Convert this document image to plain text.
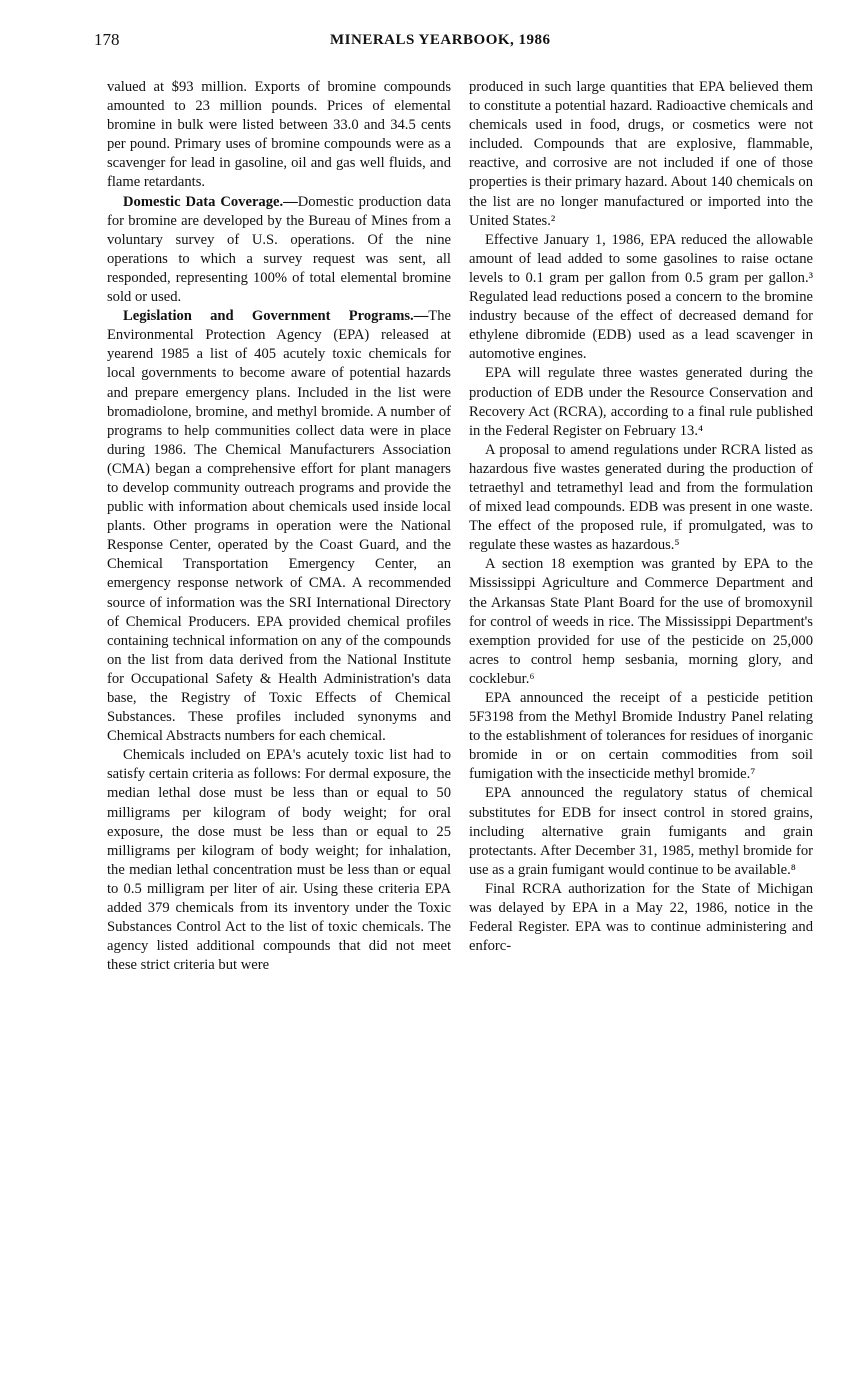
178	MINERALS YEARBOOK, 1986

valued at $93 million. Exports of bromine compounds amounted to 23 million pounds. Prices of elemental bromine in bulk were listed between 33.0 and 34.5 cents per pound. Primary uses of bromine compounds were as a scavenger for lead in gasoline, oil and gas well fluids, and flame retardants.

Domestic Data Coverage.—Domestic production data for bromine are developed by the Bureau of Mines from a voluntary survey of U.S. operations. Of the nine operations to which a survey request was sent, all responded, representing 100% of total elemental bromine sold or used.

Legislation and Government Programs.—The Environmental Protection Agency (EPA) released at yearend 1985 a list of 405 acutely toxic chemicals for local governments to become aware of potential hazards and prepare emergency plans. Included in the list were bromadiolone, bromine, and methyl bromide. A number of programs to help communities collect data were in place during 1986. The Chemical Manufacturers Association (CMA) began a comprehensive effort for plant managers to develop community outreach programs and provide the public with information about chemicals used inside local plants. Other programs in operation were the National Response Center, operated by the Coast Guard, and the Chemical Transportation Emergency Center, an emergency response network of CMA. A recommended source of information was the SRI International Directory of Chemical Producers. EPA provided chemical profiles containing technical information on any of the compounds on the list from data derived from the National Institute for Occupational Safety & Health Administration's data base, the Registry of Toxic Effects of Chemical Substances. These profiles included synonyms and Chemical Abstracts numbers for each chemical.

Chemicals included on EPA's acutely toxic list had to satisfy certain criteria as follows: For dermal exposure, the median lethal dose must be less than or equal to 50 milligrams per kilogram of body weight; for oral exposure, the dose must be less than or equal to 25 milligrams per kilogram of body weight; for inhalation, the median lethal concentration must be less than or equal to 0.5 milligram per liter of air. Using these criteria EPA added 379 chemicals from its inventory under the Toxic Substances Control Act to the list of toxic chemicals. The agency listed additional compounds that did not meet these strict criteria but were

produced in such large quantities that EPA believed them to constitute a potential hazard. Radioactive chemicals and chemicals used in food, drugs, or cosmetics were not included. Compounds that are explosive, flammable, reactive, and corrosive are not included if one of those properties is their primary hazard. About 140 chemicals on the list are no longer manufactured or imported into the United States.²

Effective January 1, 1986, EPA reduced the allowable amount of lead added to some gasolines to raise octane levels to 0.1 gram per gallon from 0.5 gram per gallon.³ Regulated lead reductions posed a concern to the bromine industry because of the effect of decreased demand for ethylene dibromide (EDB) used as a lead scavenger in automotive engines.

EPA will regulate three wastes generated during the production of EDB under the Resource Conservation and Recovery Act (RCRA), according to a final rule published in the Federal Register on February 13.⁴

A proposal to amend regulations under RCRA listed as hazardous five wastes generated during the production of tetraethyl and tetramethyl lead and from the formulation of mixed lead compounds. EDB was present in one waste. The effect of the proposed rule, if promulgated, was to regulate these wastes as hazardous.⁵

A section 18 exemption was granted by EPA to the Mississippi Agriculture and Commerce Department and the Arkansas State Plant Board for the use of bromoxynil for control of weeds in rice. The Mississippi Department's exemption provided for use of the pesticide on 25,000 acres to control hemp sesbania, morning glory, and cocklebur.⁶

EPA announced the receipt of a pesticide petition 5F3198 from the Methyl Bromide Industry Panel relating to the establishment of tolerances for residues of inorganic bromide in or on certain commodities from soil fumigation with the insecticide methyl bromide.⁷

EPA announced the regulatory status of chemical substitutes for EDB for insect control in stored grains, including alternative grain fumigants and grain protectants. After December 31, 1985, methyl bromide for use as a grain fumigant would continue to be available.⁸

Final RCRA authorization for the State of Michigan was delayed by EPA in a May 22, 1986, notice in the Federal Register. EPA was to continue administering and enforc-
